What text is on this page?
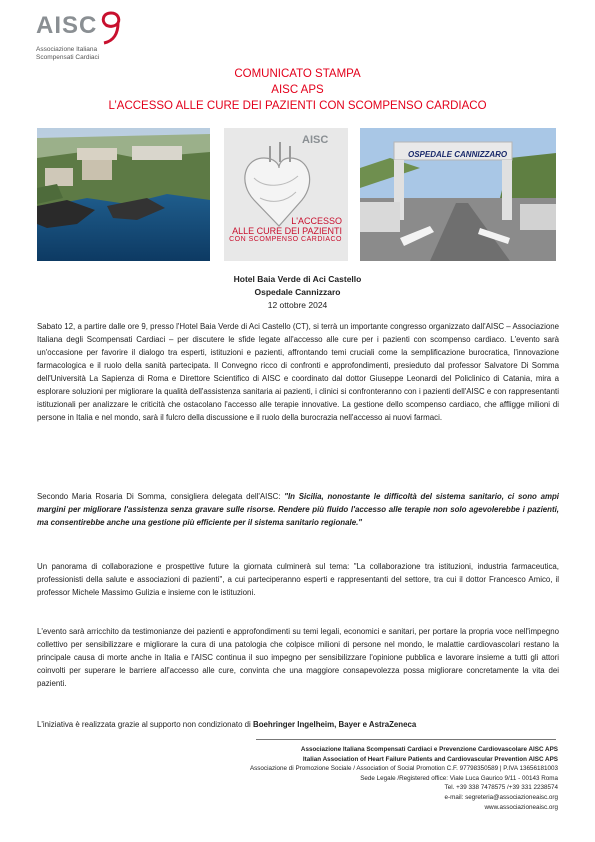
AISC
Associazione Italiana
Scompensati Cardiaci
COMUNICATO STAMPA
AISC APS
L’ACCESSO ALLE CURE DEI PAZIENTI CON SCOMPENSO CARDIACO
AISC
L'ACCESSO
ALLE CURE DEI PAZIENTI
CON SCOMPENSO CARDIACO
OSPEDALE CANNIZZARO
Hotel Baia Verde di Aci Castello
Ospedale Cannizzaro
12 ottobre 2024

Sabato 12, a partire dalle ore 9, presso l'Hotel Baia Verde di Aci Castello (CT), si terrà un importante congresso organizzato dall'AISC – Associazione Italiana degli Scompensati Cardiaci – per discutere le sfide legate all'accesso alle cure per i pazienti con scompenso cardiaco. L'evento sarà un'occasione per favorire il dialogo tra esperti, istituzioni e pazienti, affrontando temi cruciali come la semplificazione burocratica, l'innovazione farmacologica e il ruolo della sanità partecipata. Il Convegno ricco di confronti e approfondimenti, presieduto dal professor Salvatore Di Somma dell'Università La Sapienza di Roma e Direttore Scientifico di AISC e coordinato dal dottor Giuseppe Leonardi del Policlinico di Catania, mira a esplorare soluzioni per migliorare la qualità dell'assistenza sanitaria ai pazienti, i clinici si confronteranno con i pazienti dell'AISC e con rappresentanti istituzionali per analizzare le criticità che ostacolano l'accesso alle terapie innovative. La gestione dello scompenso cardiaco, che affligge milioni di persone in Italia e nel mondo, sarà il fulcro della discussione e il ruolo della burocrazia nell'accesso ai nuovi farmaci.

Secondo Maria Rosaria Di Somma, consigliera delegata dell'AISC: "In Sicilia, nonostante le difficoltà del sistema sanitario, ci sono ampi margini per migliorare l'assistenza senza gravare sulle risorse. Rendere più fluido l'accesso alle terapie non solo agevolerebbe i pazienti, ma consentirebbe anche una gestione più efficiente per il sistema sanitario regionale."

Un panorama di collaborazione e prospettive future la giornata culminerà sul tema: "La collaborazione tra istituzioni, industria farmaceutica, professionisti della salute e associazioni di pazienti", a cui parteciperanno esperti e rappresentanti del settore, tra cui il dottor Francesco Amico, il professor Michele Massimo Gulizia e insieme con le istituzioni.

L'evento sarà arricchito da testimonianze dei pazienti e approfondimenti su temi legali, economici e sanitari, per portare la propria voce nell'impegno collettivo per sensibilizzare e migliorare la cura di una patologia che colpisce milioni di persone nel mondo, le malattie cardiovascolari restano la principale causa di morte anche in Italia e l'AISC continua il suo impegno per sensibilizzare l'opinione pubblica e lavorare insieme a tutti gli attori coinvolti per superare le barriere all'accesso alle cure, convinta che una maggiore consapevolezza possa migliorare concretamente la vita dei pazienti.

L'iniziativa è realizzata grazie al supporto non condizionato di Boehringer Ingelheim, Bayer e AstraZeneca

Associazione Italiana Scompensati Cardiaci e Prevenzione Cardiovascolare AISC APS
Italian Association of Heart Failure Patients and Cardiovascular Prevention AISC APS
Associazione di Promozione Sociale / Association of Social Promotion C.F. 97798350589 | P.IVA 13656181003
Sede Legale /Registered office: Viale Luca Gaurico 9/11 - 00143 Roma
Tel. +39 338 7478575 /+39 331 2238574
e-mail: segreteria@associazioneaisc.org
www.associazioneaisc.org
